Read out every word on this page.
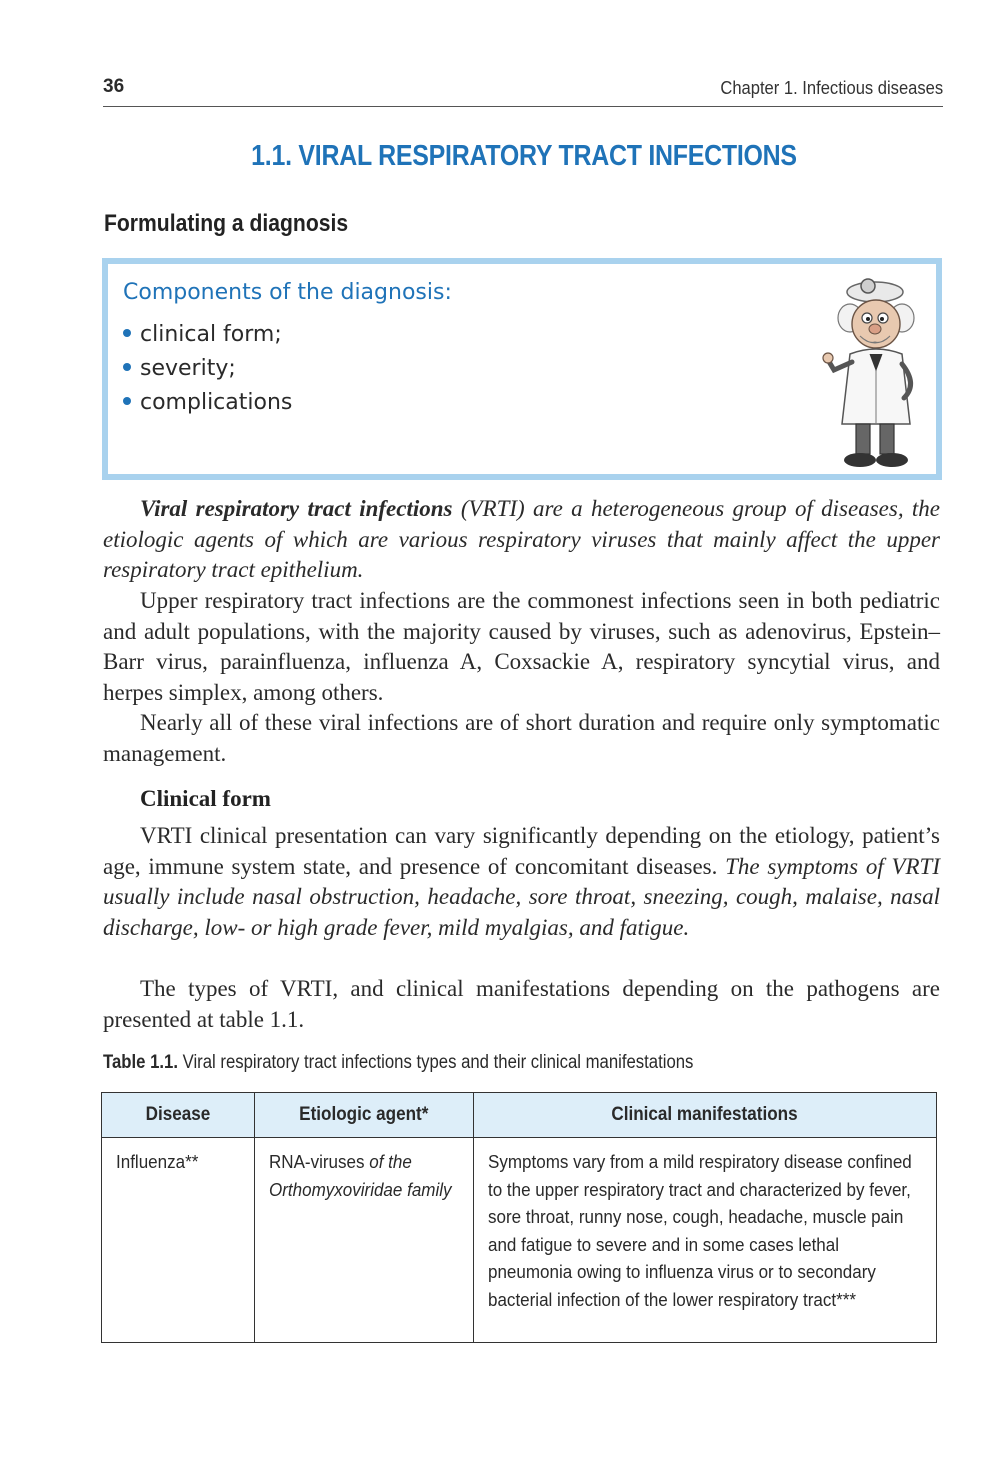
36	Chapter 1. Infectious diseases
1.1. VIRAL RESPIRATORY TRACT INFECTIONS
Formulating a diagnosis
Components of the diagnosis:
clinical form;
severity;
complications

Viral respiratory tract infections (VRTI) are a heterogeneous group of diseases, the etiologic agents of which are various respiratory viruses that mainly affect the upper respiratory tract epithelium.

Upper respiratory tract infections are the commonest infections seen in both pediatric and adult populations, with the majority caused by viruses, such as adenovirus, Epstein–Barr virus, parainfluenza, influenza A, Coxsackie A, respiratory syncytial virus, and herpes simplex, among others.

Nearly all of these viral infections are of short duration and require only symptomatic management.

Clinical form

VRTI clinical presentation can vary significantly depending on the etiology, patient’s age, immune system state, and presence of concomitant diseases. The symptoms of VRTI usually include nasal obstruction, headache, sore throat, sneezing, cough, malaise, nasal discharge, low- or high grade fever, mild myalgias, and fatigue.

The types of VRTI, and clinical manifestations depending on the pathogens are presented at table 1.1.

Table 1.1. Viral respiratory tract infections types and their clinical manifestations
Disease	Etiologic agent*	Clinical manifestations

Influenza**	RNA-viruses of the Orthomyxoviridae family	Symptoms vary from a mild respiratory disease confined to the upper respiratory tract and characterized by fever, sore throat, runny nose, cough, headache, muscle pain and fatigue to severe and in some cases lethal pneumonia owing to influenza virus or to secondary bacterial infection of the lower respiratory tract***
